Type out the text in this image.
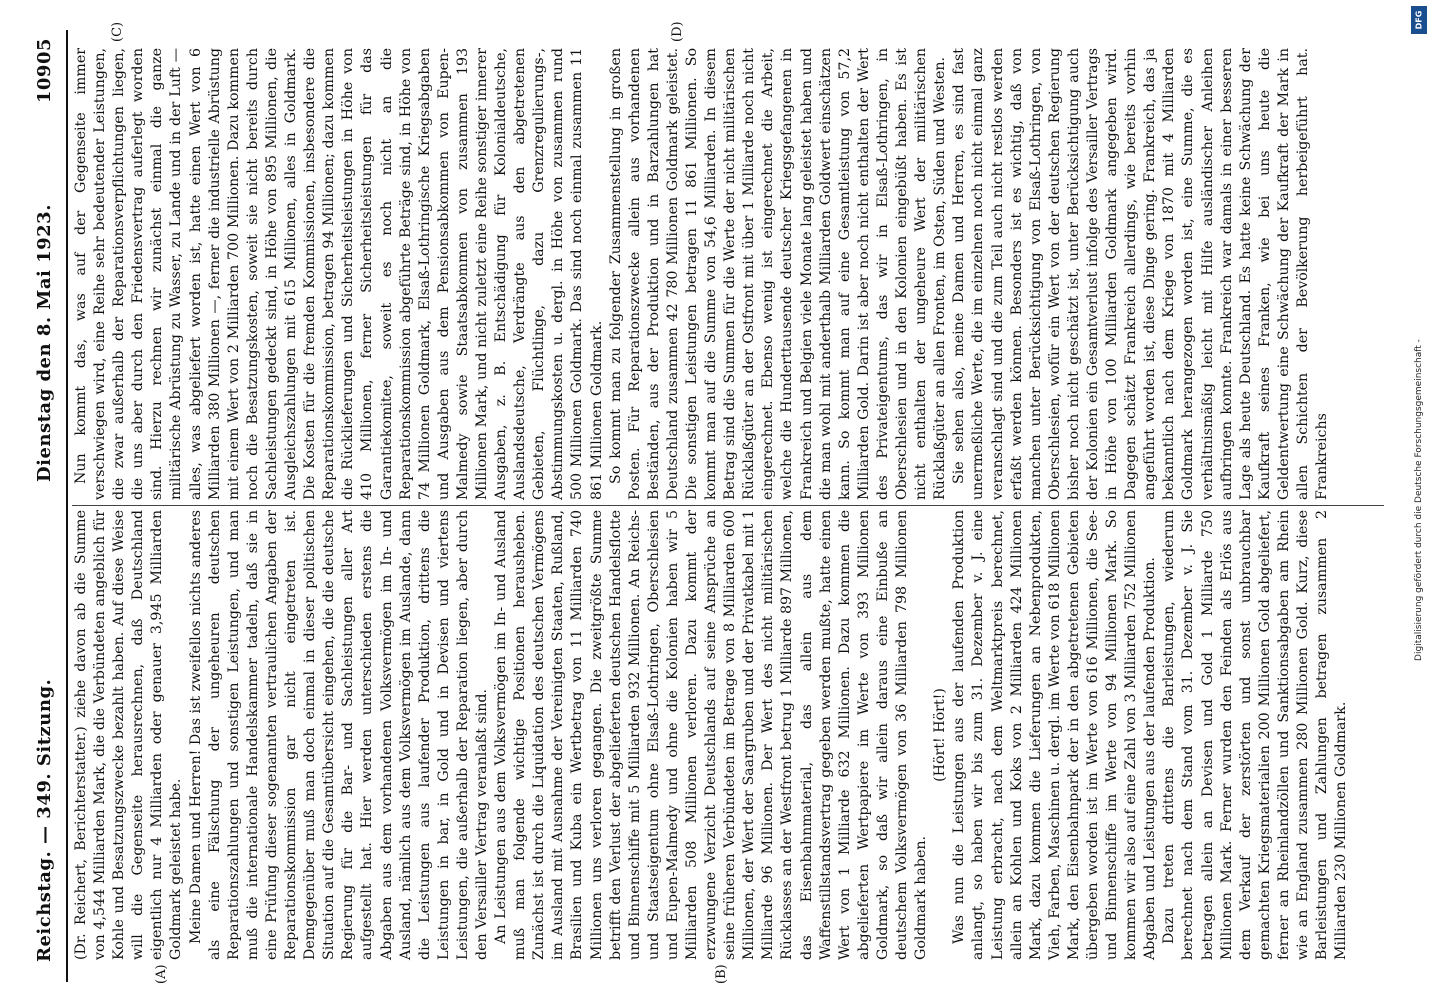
Reichstag. — 349. Sitzung.
Dienstag den 8. Mai 1923.
10905
(A)	(B)

(Dr. Reichert, Berichterstatter.) ziehe davon ab die Summe von 4,544 Milliarden Mark, die die Verbündeten angeblich für Kohle und Besatzungszwecke bezahlt haben. Auf diese Weise will die Gegenseite herausrechnen, daß Deutschland eigentlich nur 4 Milliarden oder genauer 3,945 Milliarden Goldmark geleistet habe. Meine Damen und Herren! Das ist zweifellos nichts anderes als eine Fälschung der ungeheuren deutschen Reparationszahlungen und sonstigen Leistungen, und man muß die internationale Handelskammer tadeln, daß sie in eine Prüfung dieser sogenannten vertraulichen Angaben der Reparationskommission gar nicht eingetreten ist. Demgegenüber muß man doch einmal in dieser politischen Situation auf die Gesamtübersicht eingehen, die die deutsche Regierung für die Bar- und Sachleistungen aller Art aufgestellt hat. Hier werden unterschieden erstens die Abgaben aus dem vorhandenen Volksvermögen im In- und Ausland, nämlich aus dem Volksvermögen im Auslande, dann die Leistungen aus laufender Produktion, drittens die Leistungen in bar, in Gold und in Devisen und viertens Leistungen, die außerhalb der Reparation liegen, aber durch den Versailler Vertrag veranlaßt sind. An Leistungen aus dem Volksvermögen im In- und Ausland muß man folgende wichtige Positionen herausheben. Zunächst ist durch die Liquidation des deutschen Vermögens im Ausland mit Ausnahme der Vereinigten Staaten, Rußland, Brasilien und Kuba ein Wertbetrag von 11 Milliarden 740 Millionen uns verloren gegangen. Die zweitgrößte Summe betrifft den Verlust der abgelieferten deutschen Handelsflotte und Binnenschiffe mit 5 Milliarden 932 Millionen. An Reichs- und Staatseigentum ohne Elsaß-Lothringen, Oberschlesien und Eupen-Malmedy und ohne die Kolonien haben wir 5 Milliarden 508 Millionen verloren. Dazu kommt der erzwungene Verzicht Deutschlands auf seine Ansprüche an seine früheren Verbündeten im Betrage von 8 Milliarden 600 Millionen, der Wert der Saargruben und der Privatkabel mit 1 Milliarde 96 Millionen. Der Wert des nicht militärischen Rücklasses an der Westfront betrug 1 Milliarde 897 Millionen, das Eisenbahnmaterial, das allein aus dem Waffenstillstandsvertrag gegeben werden mußte, hatte einen Wert von 1 Milliarde 632 Millionen. Dazu kommen die abgelieferten Wertpapiere im Werte von 393 Millionen Goldmark, so daß wir allein daraus eine Einbuße an deutschem Volksvermögen von 36 Milliarden 798 Millionen Goldmark haben.

(Hört! Hört!) Was nun die Leistungen aus der laufenden Produktion anlangt, so haben wir bis zum 31. Dezember v. J. eine Leistung erbracht, nach dem Weltmarktpreis berechnet, allein an Kohlen und Koks von 2 Milliarden 424 Millionen Mark, dazu kommen die Lieferungen an Nebenprodukten, Vieh, Farben, Maschinen u. dergl. im Werte von 618 Millionen Mark, den Eisenbahnpark der in den abgetretenen Gebieten übergeben worden ist im Werte von 616 Millionen, die See- und Binnenschiffe im Werte von 94 Millionen Mark. So kommen wir also auf eine Zahl von 3 Milliarden 752 Millionen Abgaben und Leistungen aus der laufenden Produktion. Dazu treten drittens die Barleistungen, wiederum berechnet nach dem Stand vom 31. Dezember v. J. Sie betragen allein an Devisen und Gold 1 Milliarde 750 Millionen Mark. Ferner wurden den Feinden als Erlös aus dem Verkauf der zerstörten und sonst unbrauchbar gemachten Kriegsmaterialien 200 Millionen Gold abgeliefert, ferner an Rheinlandzöllen und Sanktionsabgaben am Rhein wie an England zusammen 280 Millionen Gold. Kurz, diese Barleistungen und Zahlungen betragen zusammen 2 Milliarden 230 Millionen Goldmark.

Nun kommt das, was auf der Gegenseite immer verschwiegen wird, eine Reihe sehr bedeutender Leistungen, die zwar außerhalb der Reparationsverpflichtungen liegen, die uns aber durch den Friedensvertrag auferlegt worden sind. Hierzu rechnen wir zunächst einmal die ganze militärische Abrüstung zu Wasser, zu Lande und in der Luft — alles, was abgeliefert worden ist, hatte einen Wert von 6 Milliarden 380 Millionen —, ferner die industrielle Abrüstung mit einem Wert von 2 Milliarden 700 Millionen. Dazu kommen noch die Besatzungskosten, soweit sie nicht bereits durch Sachleistungen gedeckt sind, in Höhe von 895 Millionen, die Ausgleichszahlungen mit 615 Millionen, alles in Goldmark. Die Kosten für die fremden Kommissionen, insbesondere die Reparationskommission, betragen 94 Millionen; dazu kommen die Rücklieferungen und Sicherheitsleistungen in Höhe von 410 Millionen, ferner Sicherheitsleistungen für das Garantiekomitee, soweit es noch nicht an die Reparationskommission abgeführte Beträge sind, in Höhe von 74 Millionen Goldmark, Elsaß-Lothringische Kriegsabgaben und Ausgaben aus dem Pensionsabkommen von Eupen-Malmedy sowie Staatsabkommen von zusammen 193 Millionen Mark, und nicht zuletzt eine Reihe sonstiger innerer Ausgaben, z. B. Entschädigung für Kolonialdeutsche, Auslandsdeutsche, Verdrängte aus den abgetretenen Gebieten, Flüchtlinge, dazu Grenzregulierungs-, Abstimmungskosten u. dergl. in Höhe von zusammen rund 500 Millionen Goldmark. Das sind noch einmal zusammen 11 861 Millionen Goldmark. So kommt man zu folgender Zusammenstellung in großen Posten. Für Reparationszwecke allein aus vorhandenen Beständen, aus der Produktion und in Barzahlungen hat Deutschland zusammen 42 780 Millionen Goldmark geleistet. Die sonstigen Leistungen betragen 11 861 Millionen. So kommt man auf die Summe von 54,6 Milliarden. In diesem Betrag sind die Summen für die Werte der nicht militärischen Rücklaßgüter an der Ostfront mit über 1 Milliarde noch nicht eingerechnet. Ebenso wenig ist eingerechnet die Arbeit, welche die Hunderttausende deutscher Kriegsgefangenen in Frankreich und Belgien viele Monate lang geleistet haben und die man wohl mit anderthalb Milliarden Goldwert einschätzen kann. So kommt man auf eine Gesamtleistung von 57,2 Milliarden Gold. Darin ist aber noch nicht enthalten der Wert des Privateigentums, das wir in Elsaß-Lothringen, in Oberschlesien und in den Kolonien eingebüßt haben. Es ist nicht enthalten der ungeheure Wert der militärischen Rücklaßgüter an allen Fronten, im Osten, Süden und Westen. Sie sehen also, meine Damen und Herren, es sind fast unermeßliche Werte, die im einzelnen noch nicht einmal ganz veranschlagt sind und die zum Teil auch nicht restlos werden erfaßt werden können. Besonders ist es wichtig, daß von manchen unter Berücksichtigung von Elsaß-Lothringen, von Oberschlesien, wofür ein Wert von der deutschen Regierung bisher noch nicht geschätzt ist, unter Berücksichtigung auch der Kolonien ein Gesamtverlust infolge des Versailler Vertrags in Höhe von 100 Milliarden Goldmark angegeben wird. Dagegen schätzt Frankreich allerdings, wie bereits vorhin angeführt worden ist, diese Dinge gering. Frankreich, das ja bekanntlich nach dem Kriege von 1870 mit 4 Milliarden Goldmark herangezogen worden ist, eine Summe, die es verhältnismäßig leicht mit Hilfe ausländischer Anleihen aufbringen konnte. Frankreich war damals in einer besseren Lage als heute Deutschland. Es hatte keine Schwächung der Kaufkraft seines Franken, wie bei uns heute die Geldentwertung eine Schwächung der Kaufkraft der Mark in allen Schichten der Bevölkerung herbeigeführt hat. Frankreichs

(C)	(D)
Digitalisierung gefördert durch die Deutsche Forschungsgemeinschaft -
DFG
